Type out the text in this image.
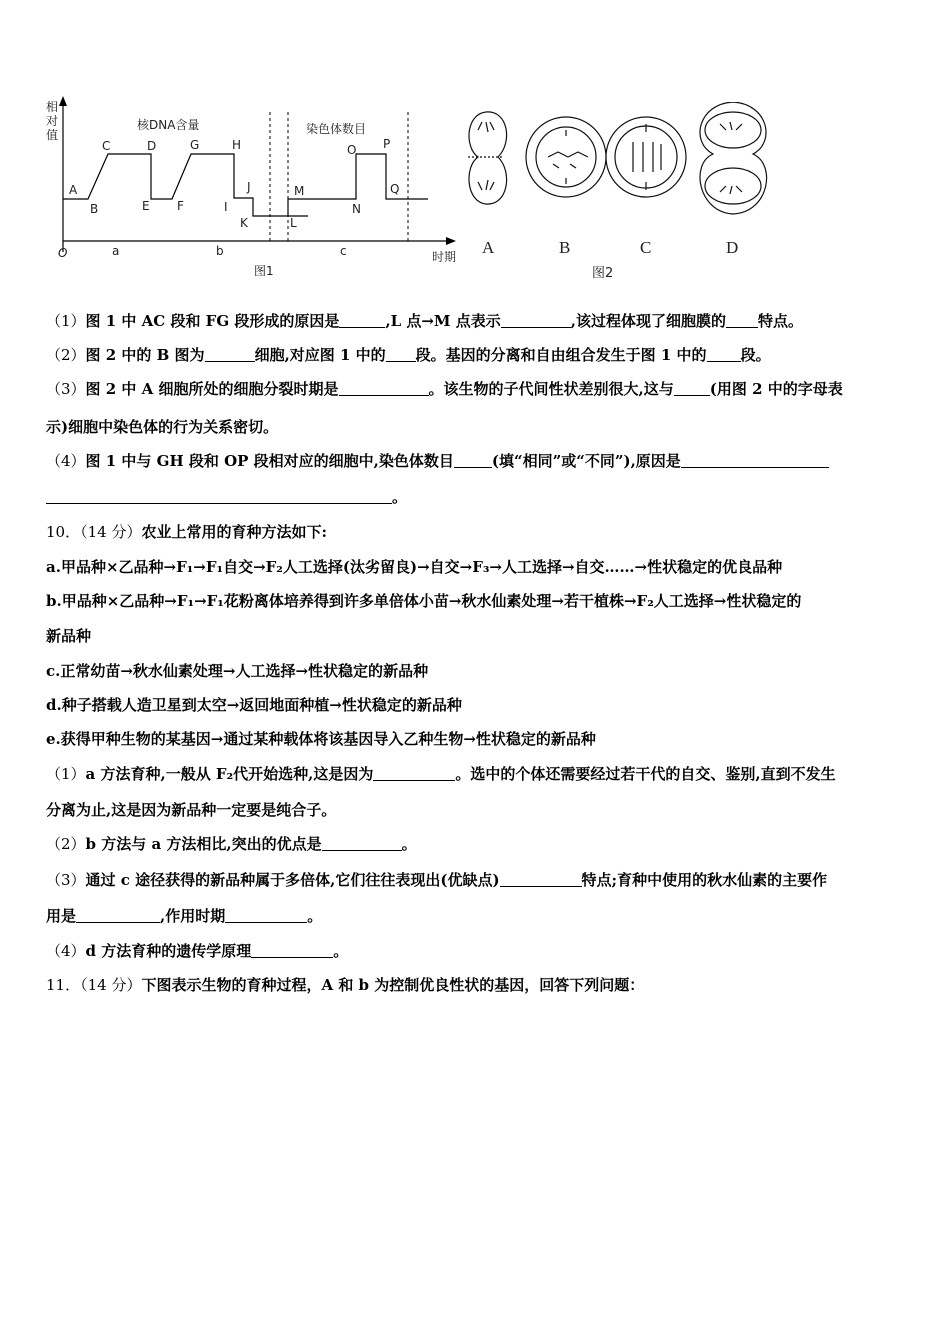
相
对
值
O	时期
核DNA含量	染色体数目
a	b	c
图1
A
B
C	D
E F
G	H
I
J
K	L
M
N
O P
Q
A	B	C	D
图2
（1）图 1 中 AC 段和 FG 段形成的原因是	,L 点→M 点表示	,该过程体现了细胞膜的 特点。
（2）图 2 中的 B 图为	细胞,对应图 1 中的 段。基因的分离和自由组合发生于图 1 中的 段。
（3）图 2 中 A 细胞所处的细胞分裂时期是	。该生物的子代间性状差别很大,这与 (用图 2 中的字母表
示)细胞中染色体的行为关系密切。
（4）图 1 中与 GH 段和 OP 段相对应的细胞中,染色体数目	(填“相同”或“不同”),原因是
。
10．（14 分）农业上常用的育种方法如下:
a.甲品种×乙品种→F₁→F₁自交→F₂人工选择(汰劣留良)→自交→F₃→人工选择→自交……→性状稳定的优良品种
b.甲品种×乙品种→F₁→F₁花粉离体培养得到许多单倍体小苗→秋水仙素处理→若干植株→F₂人工选择→性状稳定的
新品种
c.正常幼苗→秋水仙素处理→人工选择→性状稳定的新品种
d.种子搭载人造卫星到太空→返回地面种植→性状稳定的新品种
e.获得甲种生物的某基因→通过某种载体将该基因导入乙种生物→性状稳定的新品种
（1）a 方法育种,一般从 F₂代开始选种,这是因为	。选中的个体还需要经过若干代的自交、鉴别,直到不发生
分离为止,这是因为新品种一定要是纯合子。
（2）b 方法与 a 方法相比,突出的优点是	。
（3）通过 c 途径获得的新品种属于多倍体,它们往往表现出(优缺点)	特点;育种中使用的秋水仙素的主要作
用是	,作用时期	。
（4）d 方法育种的遗传学原理	。
11．（14 分）下图表示生物的育种过程，A 和 b 为控制优良性状的基因，回答下列问题：
